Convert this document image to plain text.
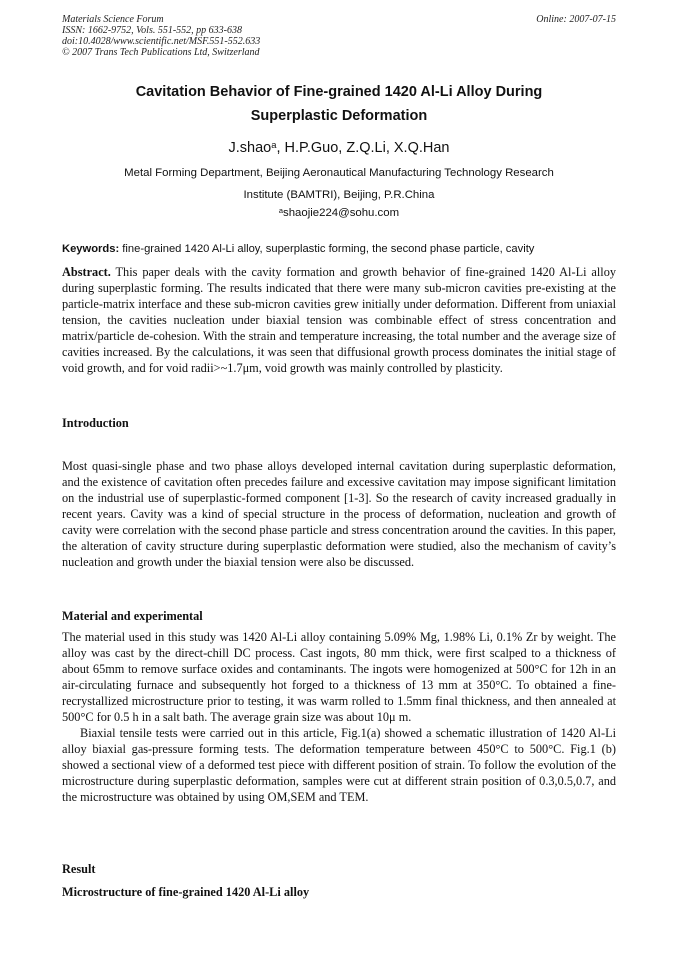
Materials Science Forum
ISSN: 1662-9752, Vols. 551-552, pp 633-638
doi:10.4028/www.scientific.net/MSF.551-552.633
© 2007 Trans Tech Publications Ltd, Switzerland
Online: 2007-07-15
Cavitation Behavior of Fine-grained 1420 Al-Li Alloy During
Superplastic Deformation
J.shao$^a$, H.P.Guo, Z.Q.Li, X.Q.Han
Metal Forming Department, Beijing Aeronautical Manufacturing Technology Research
Institute (BAMTRI), Beijing, P.R.China
$^a$shaojie224@sohu.com
Keywords: fine-grained 1420 Al-Li alloy, superplastic forming, the second phase particle, cavity

Abstract. This paper deals with the cavity formation and growth behavior of fine-grained 1420 Al-Li alloy during superplastic forming. The results indicated that there were many sub-micron cavities pre-existing at the particle-matrix interface and these sub-micron cavities grew initially under deformation. Different from uniaxial tension, the cavities nucleation under biaxial tension was combinable effect of stress concentration and matrix/particle de-cohesion. With the strain and temperature increasing, the total number and the average size of cavities increased. By the calculations, it was seen that diffusional growth process dominates the initial stage of void growth, and for void radii>~1.7μm, void growth was mainly controlled by plasticity.

Introduction

Most quasi-single phase and two phase alloys developed internal cavitation during superplastic deformation, and the existence of cavitation often precedes failure and excessive cavitation may impose significant limitation on the industrial use of superplastic-formed component [1-3]. So the research of cavity increased gradually in recent years. Cavity was a kind of special structure in the process of deformation, nucleation and growth of cavity were correlation with the second phase particle and stress concentration around the cavities. In this paper, the alteration of cavity structure during superplastic deformation were studied, also the mechanism of cavity’s nucleation and growth under the biaxial tension were also be discussed.

Material and experimental

The material used in this study was 1420 Al-Li alloy containing 5.09% Mg, 1.98% Li, 0.1% Zr by weight. The alloy was cast by the direct-chill DC process. Cast ingots, 80 mm thick, were first scalped to a thickness of about 65mm to remove surface oxides and contaminants. The ingots were homogenized at 500°C for 12h in an air-circulating furnace and subsequently hot forged to a thickness of 13 mm at 350°C. To obtained a fine-recrystallized microstructure prior to testing, it was warm rolled to 1.5mm final thickness, and then annealed at 500°C for 0.5 h in a salt bath. The average grain size was about 10μ m.

Biaxial tensile tests were carried out in this article, Fig.1(a) showed a schematic illustration of 1420 Al-Li alloy biaxial gas-pressure forming tests. The deformation temperature between 450°C to 500°C. Fig.1 (b) showed a sectional view of a deformed test piece with different position of strain. To follow the evolution of the microstructure during superplastic deformation, samples were cut at different strain position of 0.3,0.5,0.7, and the microstructure was obtained by using OM,SEM and TEM.

Result
Microstructure of fine-grained 1420 Al-Li alloy
